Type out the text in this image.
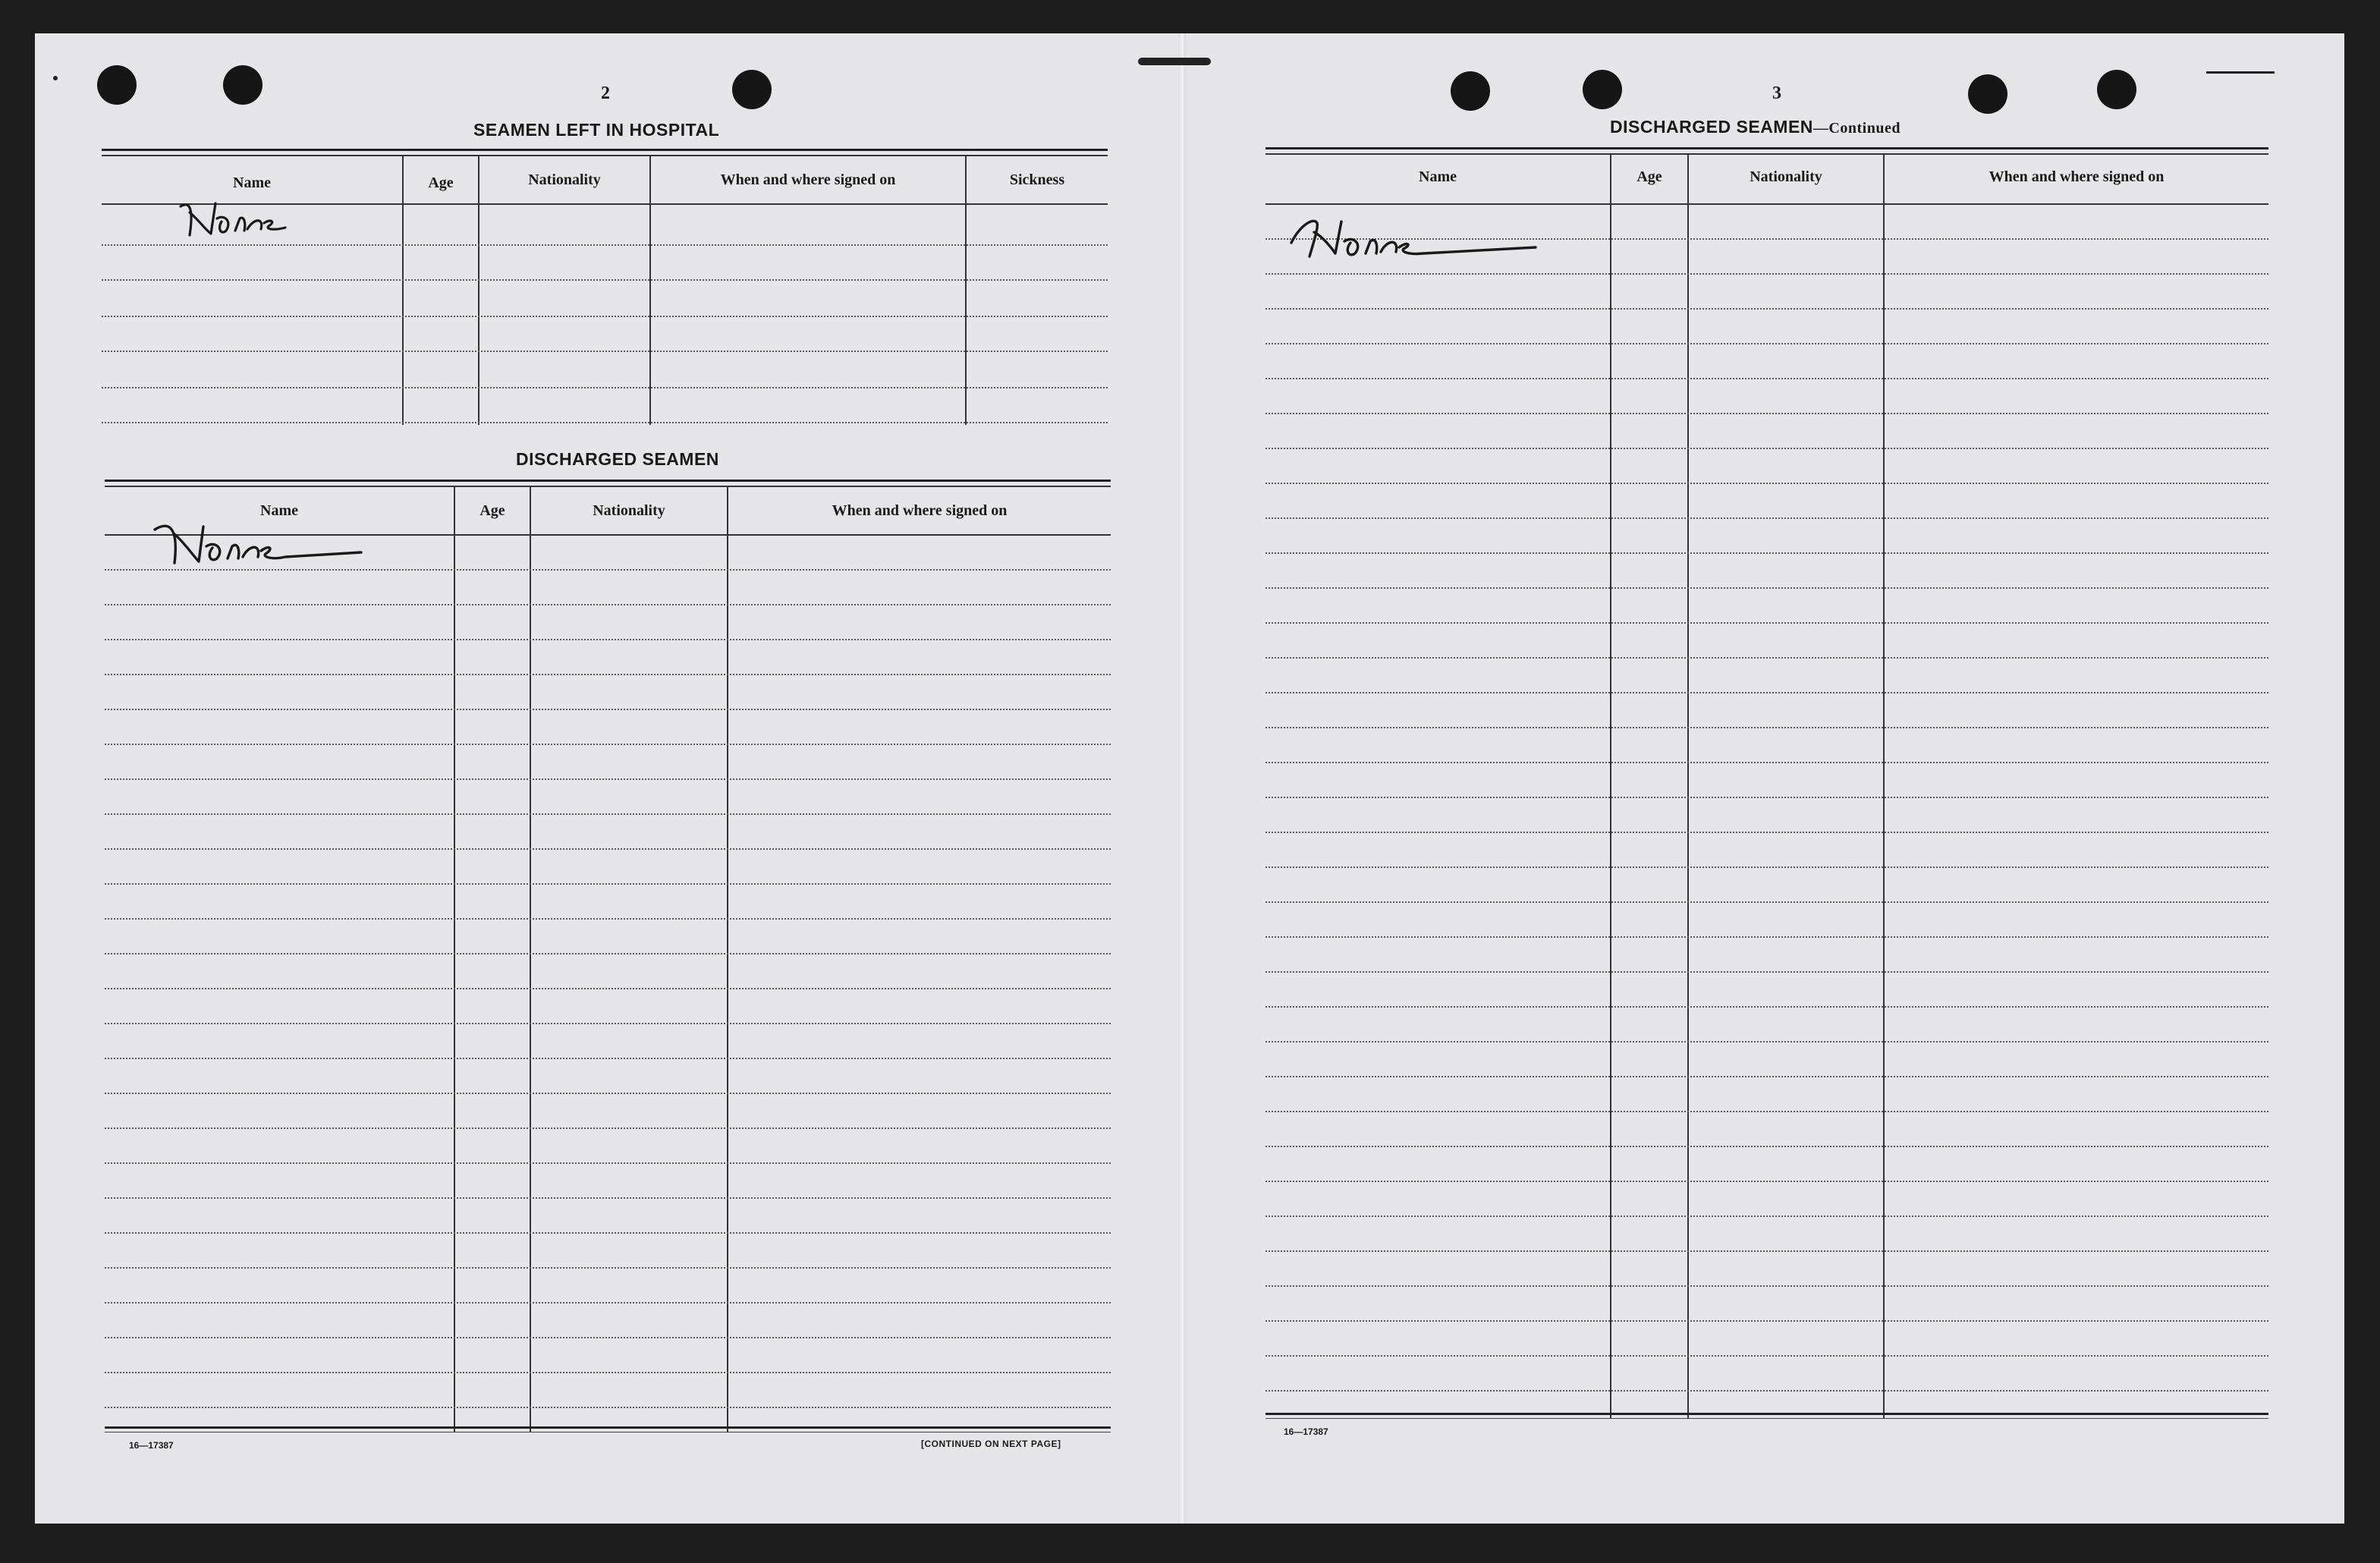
2	3
SEAMEN LEFT IN HOSPITAL
Name	Age	Nationality	When and where signed on	Sickness
DISCHARGED SEAMEN
Name	Age	Nationality	When and where signed on
16—17387	[CONTINUED ON NEXT PAGE]
DISCHARGED SEAMEN—Continued
Name	Age	Nationality	When and where signed on
16—17387
